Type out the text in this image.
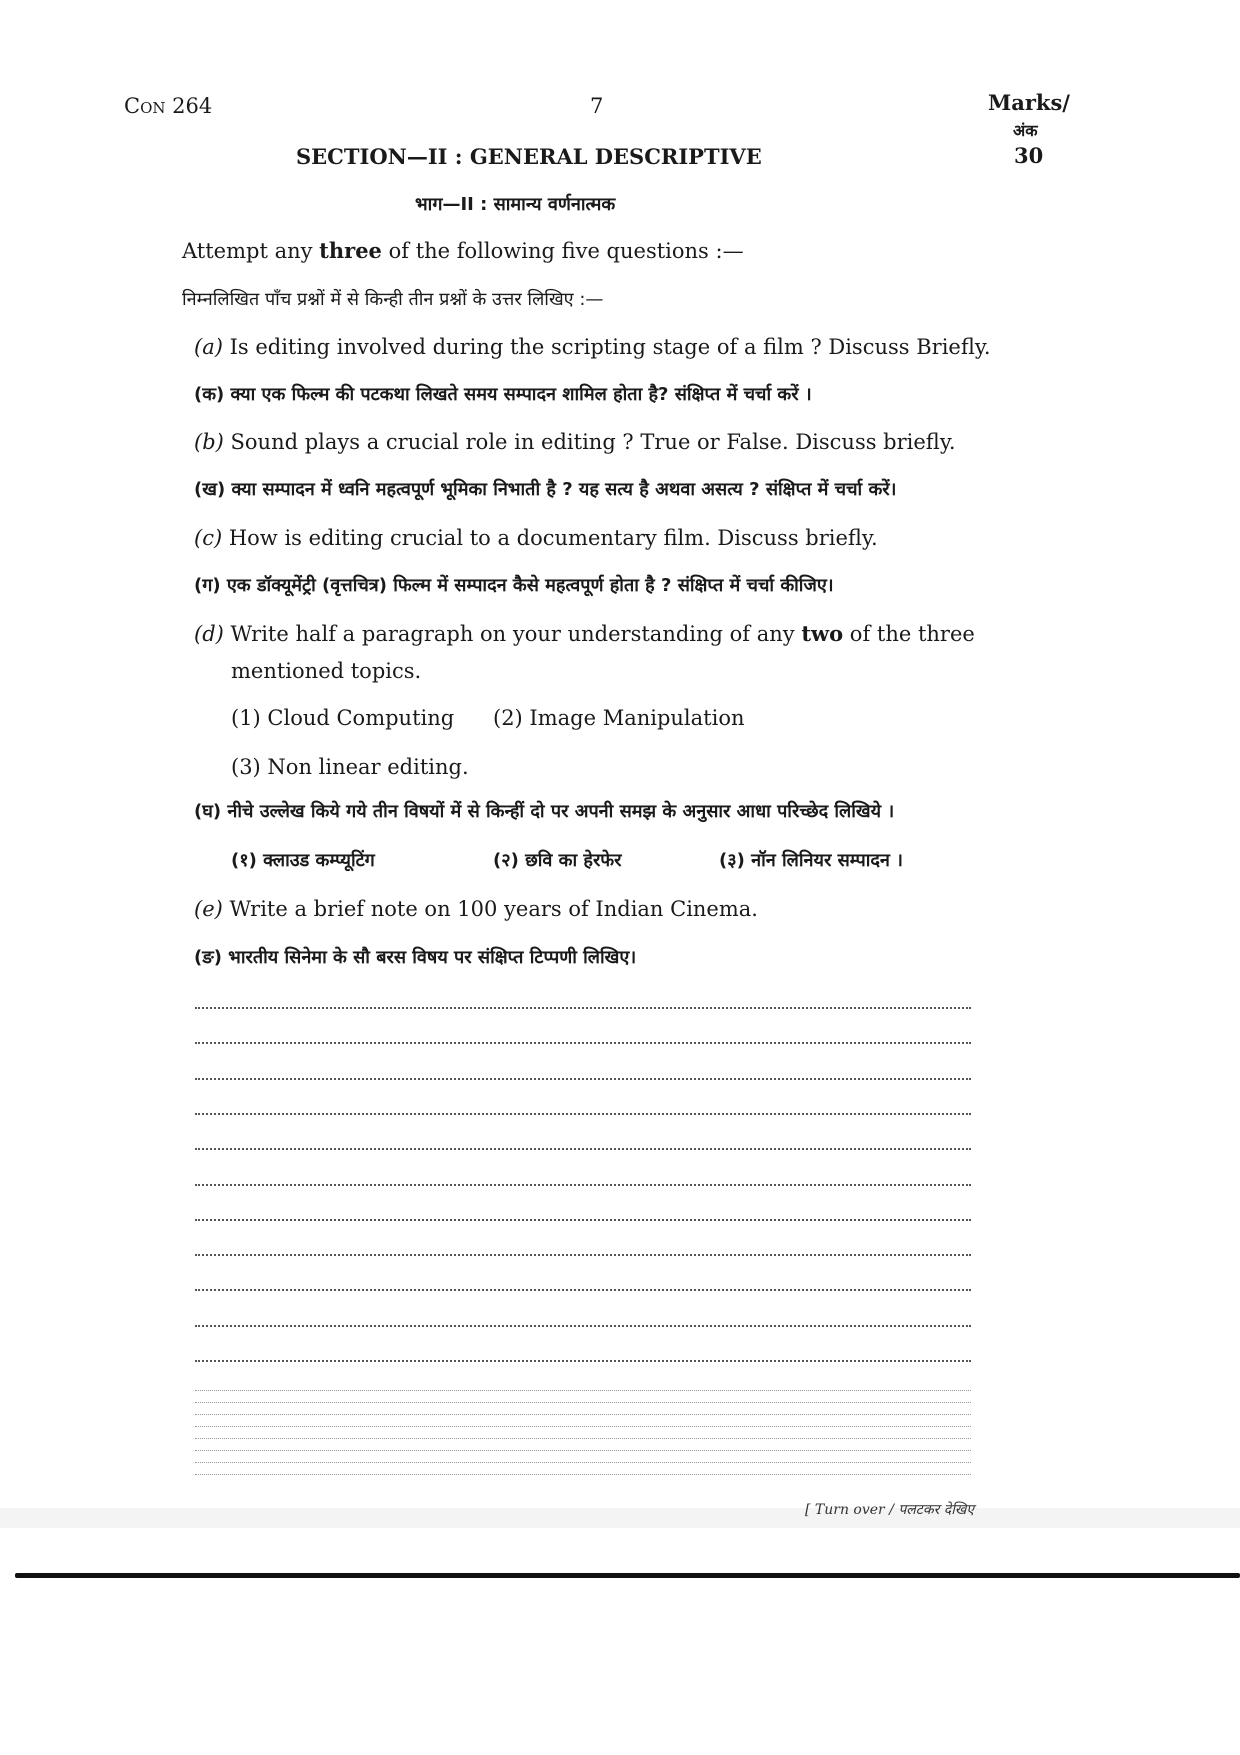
Con 264	7	Marks/
अंक
30
SECTION—II : GENERAL DESCRIPTIVE
भाग—II : सामान्य वर्णनात्मक
Attempt any three of the following five questions :—
निम्नलिखित पाँच प्रश्नों में से किन्ही तीन प्रश्नों के उत्तर लिखिए :—
(a) Is editing involved during the scripting stage of a film ? Discuss Briefly.
(क) क्या एक फिल्म की पटकथा लिखते समय सम्पादन शामिल होता है? संक्षिप्त में चर्चा करें ।
(b) Sound plays a crucial role in editing ? True or False. Discuss briefly.
(ख) क्या सम्पादन में ध्वनि महत्वपूर्ण भूमिका निभाती है ? यह सत्य है अथवा असत्य ? संक्षिप्त में चर्चा करें।
(c) How is editing crucial to a documentary film. Discuss briefly.
(ग) एक डॉक्यूमेंट्री (वृत्तचित्र) फिल्म में सम्पादन कैसे महत्वपूर्ण होता है ? संक्षिप्त में चर्चा कीजिए।
(d) Write half a paragraph on your understanding of any two of the three
mentioned topics.
(1) Cloud Computing (2) Image Manipulation
(3) Non linear editing.
(घ) नीचे उल्लेख किये गये तीन विषयों में से किन्हीं दो पर अपनी समझ के अनुसार आधा परिच्छेद लिखिये ।
(१) क्लाउड कम्प्यूटिंग	(२) छवि का हेरफेर	(३) नॉन लिनियर सम्पादन ।
(e) Write a brief note on 100 years of Indian Cinema.
(ङ) भारतीय सिनेमा के सौ बरस विषय पर संक्षिप्त टिप्पणी लिखिए।
[ Turn over / पलटकर देखिए
